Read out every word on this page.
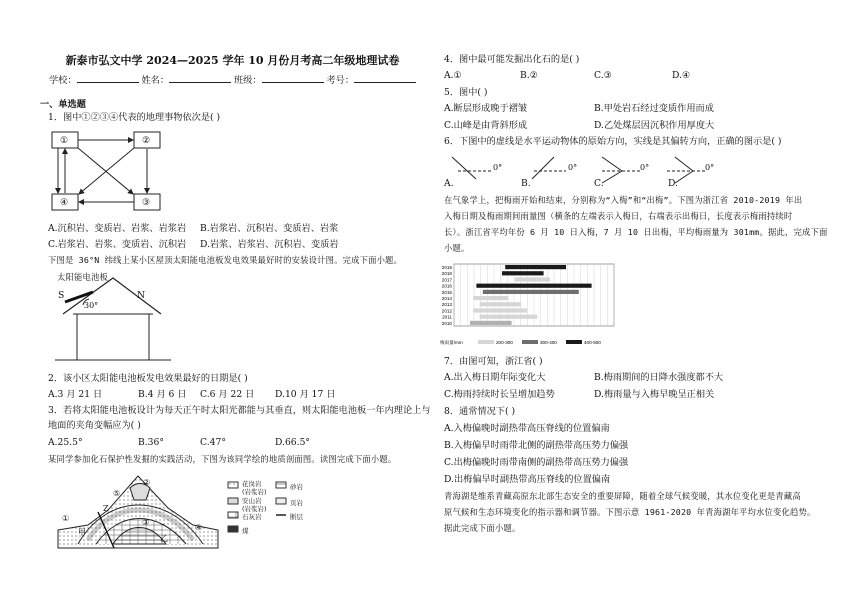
新泰市弘文中学 2024—2025 学年 10 月份月考高二年级地理试卷
学校：	姓名：	班级：	考号：
一、单选题
1．图中①②③④代表的地理事物依次是( )
①	②
③
④
A.沉积岩、变质岩、岩浆、岩浆岩 B.岩浆岩、沉积岩、变质岩、岩浆
C.岩浆岩、岩浆、变质岩、沉积岩 D.岩浆、岩浆岩、沉积岩、变质岩
下图是 36°N 纬线上某小区屋顶太阳能电池板发电效果最好时的安装设计图。完成下面小题。
太阳能电池板
S	N
30°
2．该小区太阳能电池板发电效果最好的日期是( )
A.3 月 21 日	B.4 月 6 日 C.6 月 22 日 D.10 月 17 日
3．若将太阳能电池板设计为每天正午时太阳光都能与其垂直，则太阳能电池板一年内理论上与
地面的夹角变幅应为( )
A.25.5°	B.36°	C.47°	D.66.5°
某同学参加化石保护性发掘的实践活动，下图为该同学绘的地质剖面图。读图完成下面小题。
②
⑤
①	③
④
Z
甲
乙
花岗岩
(岩浆岩)
砂岩
安山岩
(岩浆岩)
页岩
石灰岩	断层
煤
4．图中最可能发掘出化石的是( )
A.①	B.②	C.③	D.④
5．图中( )
A.断层形成晚于褶皱	B.甲处岩石经过变质作用而成
C.山峰是由背斜形成	D.乙处煤层因沉积作用厚度大
6．下图中的虚线是水平运动物体的原始方向，实线是其偏转方向，正确的图示是( )
0°	0°	0°	0°
A.	B.	C.	D.
在气象学上，把梅雨开始和结束，分别称为“入梅”和“出梅”。下图为浙江省 2010-2019 年出
入梅日期及梅雨期间雨量图（横条的左端表示入梅日，右端表示出梅日，长度表示梅雨持续时
长）。浙江省平均年份 6 月 10 日入梅，7 月 10 日出梅，平均梅雨量为 301mm。据此，完成下面
小题。
2019
2018
2017
2016
2015
2014
2013
2012
2011
2010
梅雨量/mm	200-300	300-400	400-500
7．由图可知，浙江省( )
A.出入梅日期年际变化大	B.梅雨期间的日降水强度都不大
C.梅雨持续时长呈增加趋势	D.梅雨量与入梅早晚呈正相关
8．通常情况下( )
A.入梅偏晚时副热带高压脊线的位置偏南
B.入梅偏早时雨带北侧的副热带高压势力偏强
C.出梅偏晚时雨带南侧的副热带高压势力偏强
D.出梅偏早时副热带高压脊线的位置偏南
青海湖是维系青藏高原东北部生态安全的重要屏障，随着全球气候变暖，其水位变化更是青藏高
原气候和生态环境变化的指示器和调节器。下图示意 1961-2020 年青海湖年平均水位变化趋势。
据此完成下面小题。
